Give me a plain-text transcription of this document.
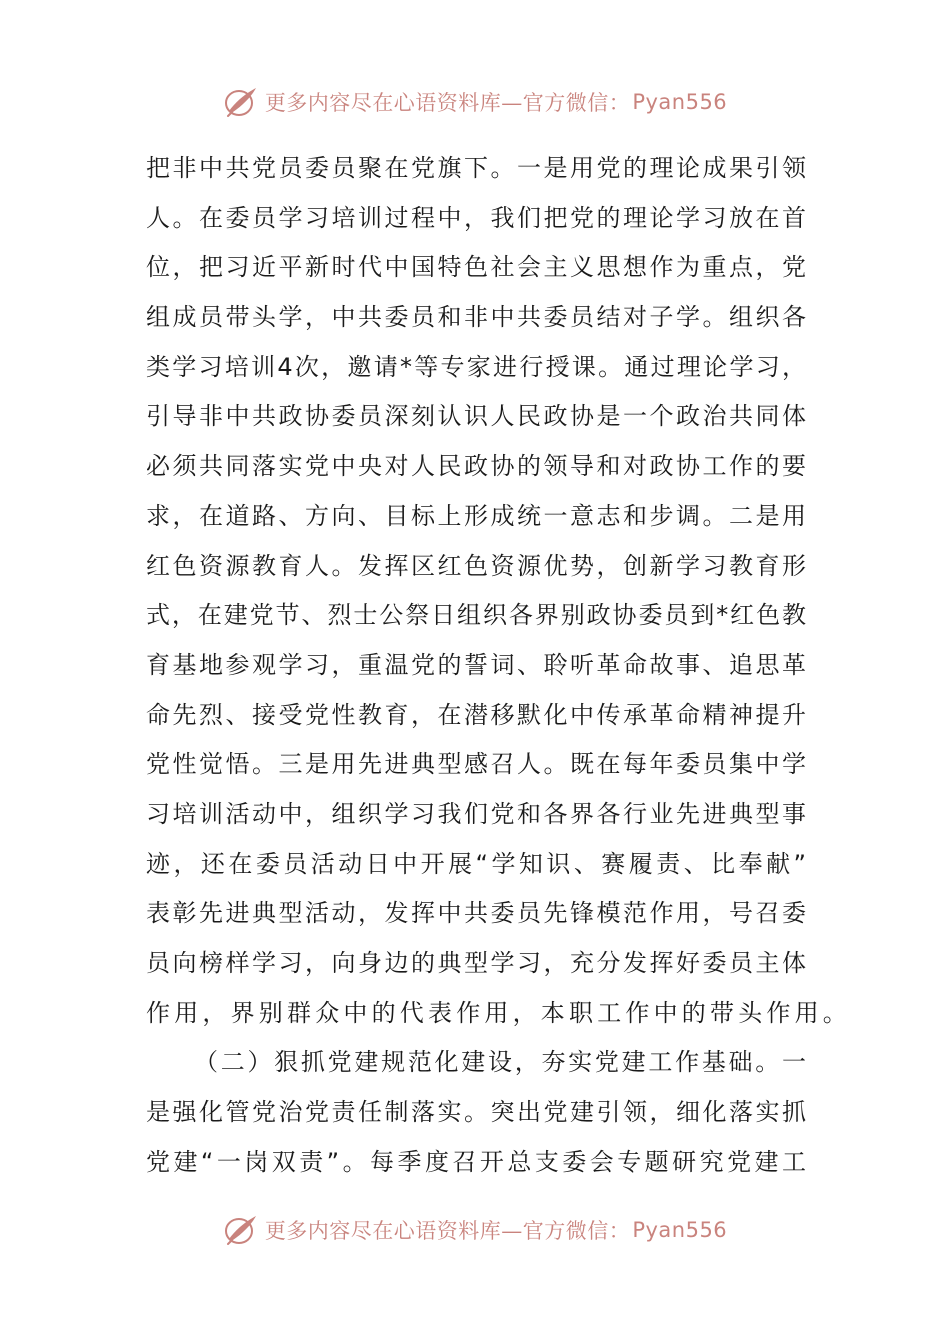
更多内容尽在心语资料库—官方微信： Pyan556
把非中共党员委员聚在党旗下。一是用党的理论成果引领
人。在委员学习培训过程中，我们把党的理论学习放在首
位，把习近平新时代中国特色社会主义思想作为重点，党
组成员带头学，中共委员和非中共委员结对子学。组织各
类学习培训4次，邀请*等专家进行授课。通过理论学习，
引导非中共政协委员深刻认识人民政协是一个政治共同体
必须共同落实党中央对人民政协的领导和对政协工作的要
求，在道路、方向、目标上形成统一意志和步调。二是用
红色资源教育人。发挥区红色资源优势，创新学习教育形
式，在建党节、烈士公祭日组织各界别政协委员到*红色教
育基地参观学习，重温党的誓词、聆听革命故事、追思革
命先烈、接受党性教育，在潜移默化中传承革命精神提升
党性觉悟。三是用先进典型感召人。既在每年委员集中学
习培训活动中，组织学习我们党和各界各行业先进典型事
迹，还在委员活动日中开展“学知识、赛履责、比奉献”
表彰先进典型活动，发挥中共委员先锋模范作用，号召委
员向榜样学习，向身边的典型学习，充分发挥好委员主体
作用，界别群众中的代表作用，本职工作中的带头作用。
（二）狠抓党建规范化建设，夯实党建工作基础。一
是强化管党治党责任制落实。突出党建引领，细化落实抓
党建“一岗双责”。每季度召开总支委会专题研究党建工
更多内容尽在心语资料库—官方微信： Pyan556
